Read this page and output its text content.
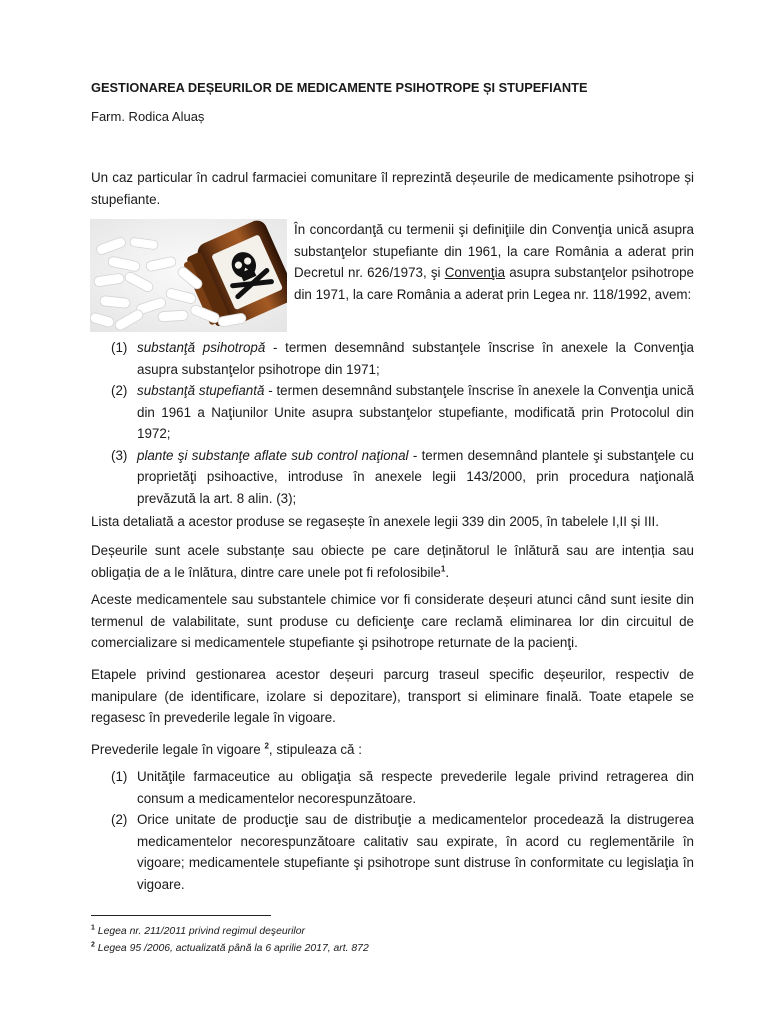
GESTIONAREA DEȘEURILOR DE MEDICAMENTE PSIHOTROPE ȘI STUPEFIANTE
Farm. Rodica Aluaș

Un caz particular în cadrul farmaciei comunitare îl reprezintă deșeurile de medicamente psihotrope și stupefiante.

În concordanţă cu termenii şi definiţiile din Convenţia unică asupra substanţelor stupefiante din 1961, la care România a aderat prin Decretul nr. 626/1973, şi Convenţia asupra substanţelor psihotrope din 1971, la care România a aderat prin Legea nr. 118/1992, avem:

(1) substanţă psihotropă - termen desemnând substanţele înscrise în anexele la Convenţia asupra substanţelor psihotrope din 1971;
(2) substanţă stupefiantă - termen desemnând substanţele înscrise în anexele la Convenţia unică din 1961 a Naţiunilor Unite asupra substanţelor stupefiante, modificată prin Protocolul din 1972;
(3) plante şi substanţe aflate sub control naţional - termen desemnând plantele şi substanţele cu proprietăţi psihoactive, introduse în anexele legii 143/2000, prin procedura naţională prevăzută la art. 8 alin. (3);

Lista detaliată a acestor produse se regasește în anexele legii 339 din 2005, în tabelele I,II și III.

Deșeurile sunt acele substanțe sau obiecte pe care deținătorul le înlătură sau are intenția sau obligația de a le înlătura, dintre care unele pot fi refolosibile$^1$.

Aceste medicamentele sau substantele chimice vor fi considerate deșeuri atunci când sunt iesite din termenul de valabilitate, sunt produse cu deficienţe care reclamă eliminarea lor din circuitul de comercializare si medicamentele stupefiante şi psihotrope returnate de la pacienţi.

Etapele privind gestionarea acestor deșeuri parcurg traseul specific deșeurilor, respectiv de manipulare (de identificare, izolare si depozitare), transport si eliminare finală. Toate etapele se regasesc în prevederile legale în vigoare.

Prevederile legale în vigoare $^2$, stipuleaza că :

(1) Unităţile farmaceutice au obligaţia să respecte prevederile legale privind retragerea din consum a medicamentelor necorespunzătoare.
(2) Orice unitate de producţie sau de distribuţie a medicamentelor procedează la distrugerea medicamentelor necorespunzătoare calitativ sau expirate, în acord cu reglementările în vigoare; medicamentele stupefiante şi psihotrope sunt distruse în conformitate cu legislaţia în vigoare.
$^1$ Legea nr. 211/2011 privind regimul deşeurilor
$^2$ Legea 95 /2006, actualizată până la 6 aprilie 2017, art. 872
